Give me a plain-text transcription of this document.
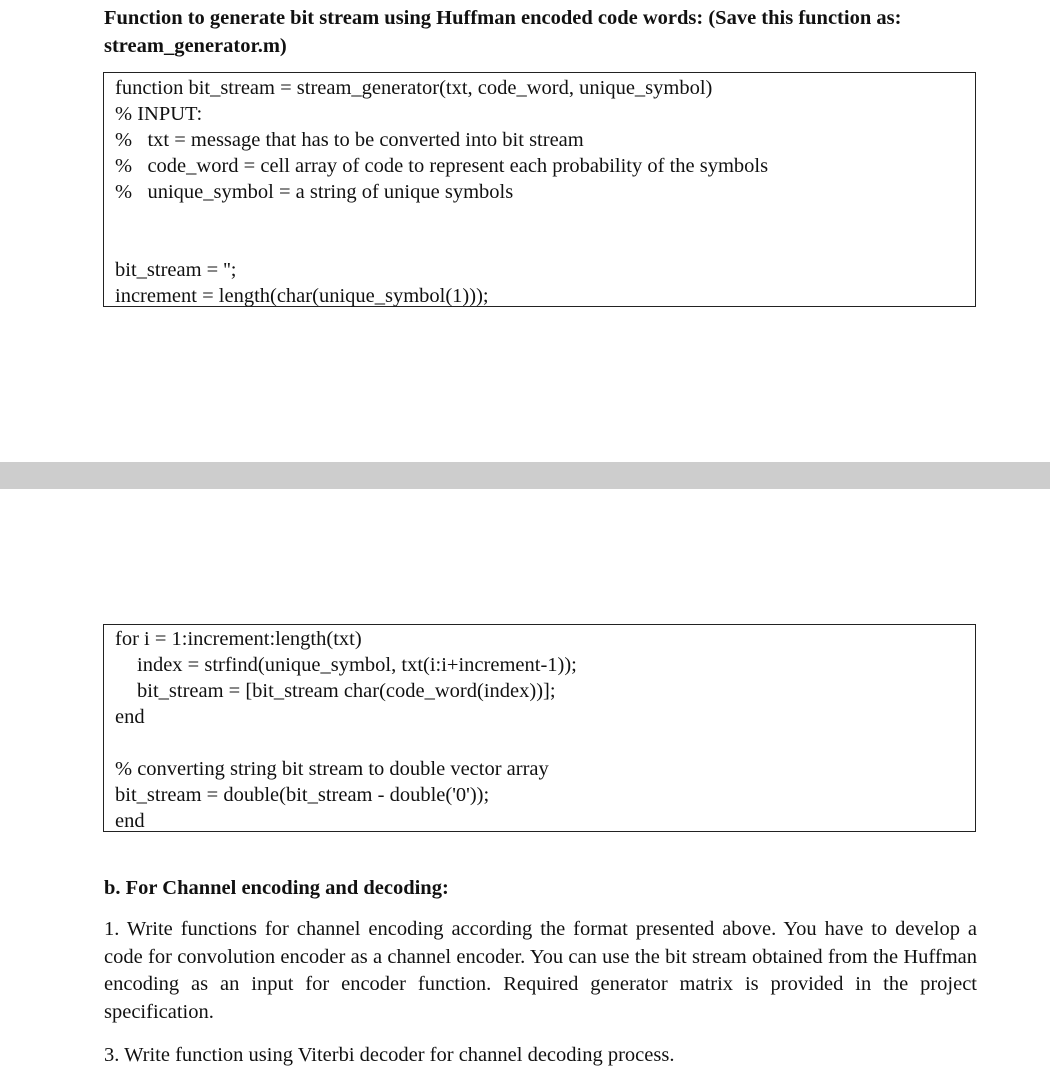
Function to generate bit stream using Huffman encoded code words: (Save this function as: stream_generator.m)

function bit_stream = stream_generator(txt, code_word, unique_symbol)
% INPUT:
%   txt = message that has to be converted into bit stream
%   code_word = cell array of code to represent each probability of the symbols
%   unique_symbol = a string of unique symbols
bit_stream = '';
increment = length(char(unique_symbol(1)));
for i = 1:increment:length(txt)
index = strfind(unique_symbol, txt(i:i+increment-1));
bit_stream = [bit_stream char(code_word(index))];
end
% converting string bit stream to double vector array
bit_stream = double(bit_stream - double('0'));
end

b. For Channel encoding and decoding:

1. Write functions for channel encoding according the format presented above. You have to develop a code for convolution encoder as a channel encoder. You can use the bit stream obtained from the Huffman encoding as an input for encoder function. Required generator matrix is provided in the project specification.

3. Write function using Viterbi decoder for channel decoding process.
